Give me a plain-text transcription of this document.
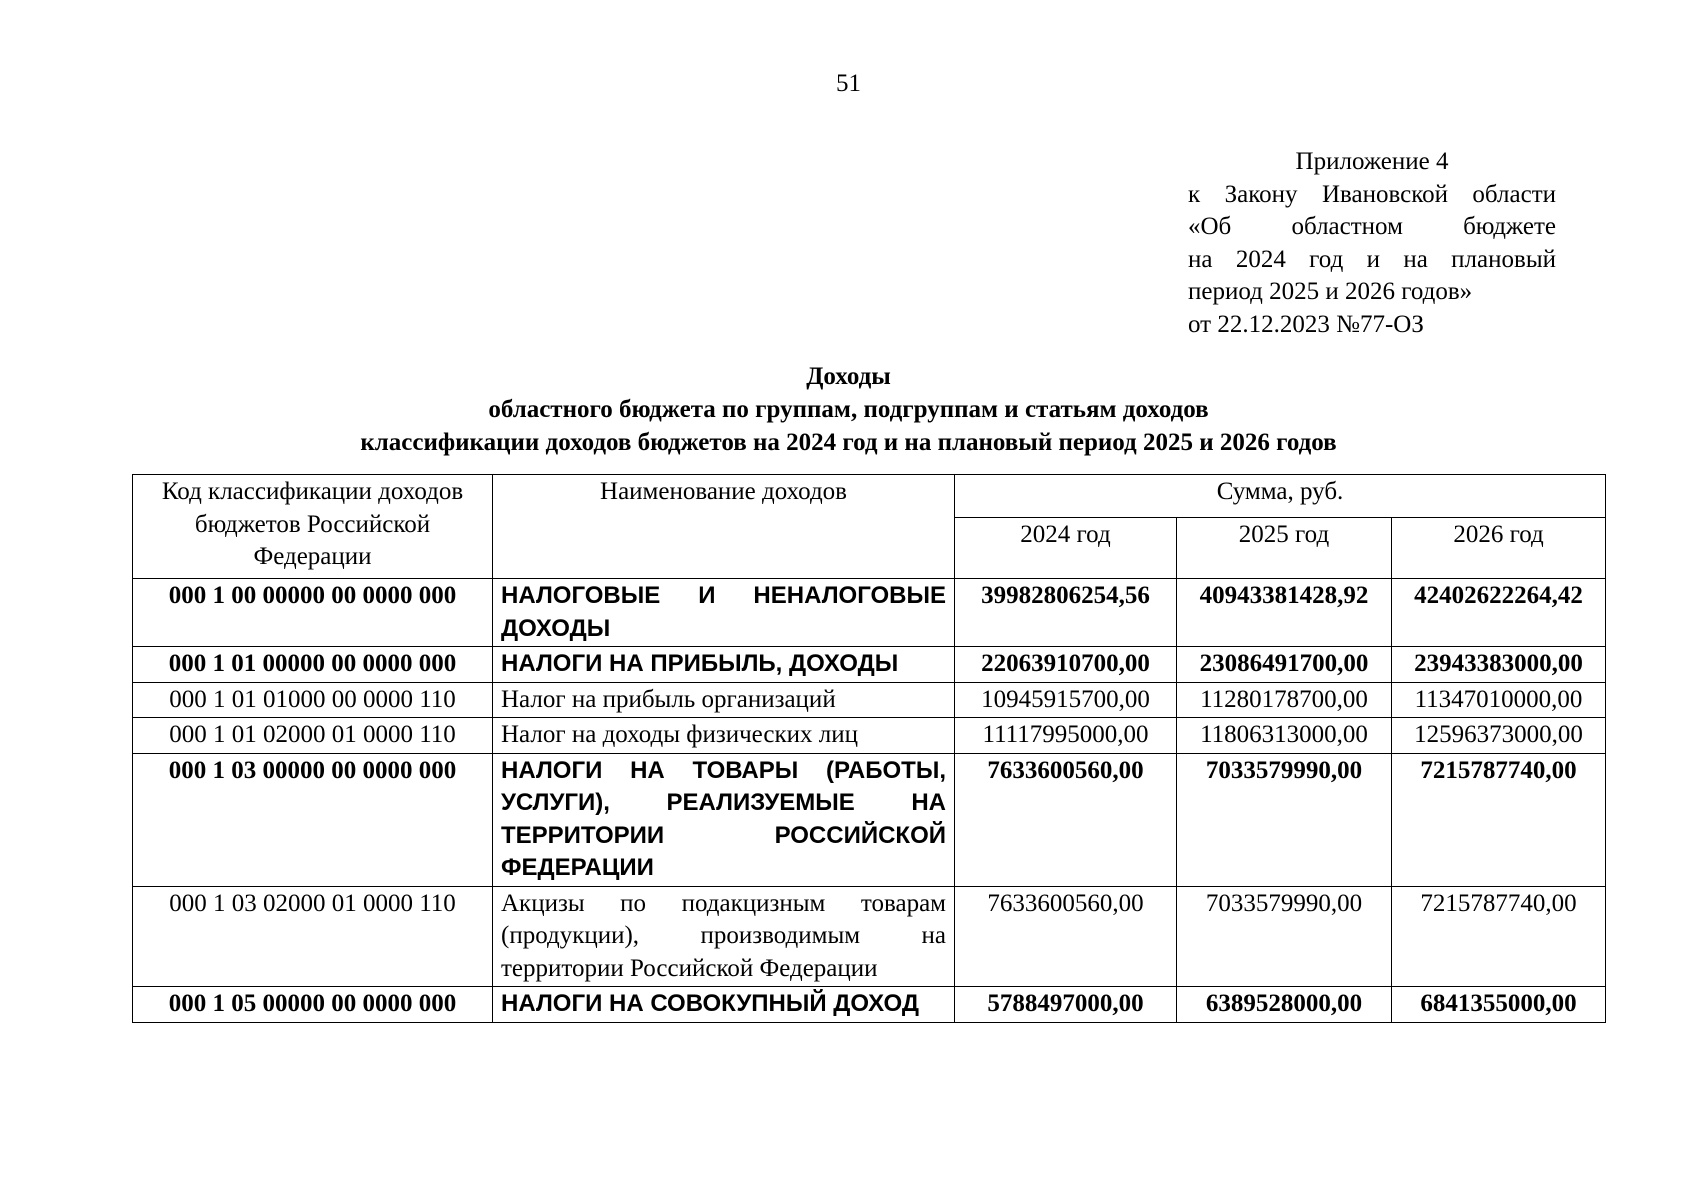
51
Приложение 4
к Закону Ивановской области
«Об областном бюджете
на 2024 год и на плановый
период 2025 и 2026 годов»
от 22.12.2023 №77-ОЗ
Доходы
областного бюджета по группам, подгруппам и статьям доходов
классификации доходов бюджетов на 2024 год и на плановый период 2025 и 2026 годов
Код классификации доходов бюджетов Российской Федерации	Наименование доходов	Сумма, руб.		
		2024 год	2025 год	2026 год
000 1 00 00000 00 0000 000	НАЛОГОВЫЕ И НЕНАЛОГОВЫЕ ДОХОДЫ	39982806254,56	40943381428,92	42402622264,42
000 1 01 00000 00 0000 000	НАЛОГИ НА ПРИБЫЛЬ, ДОХОДЫ	22063910700,00	23086491700,00	23943383000,00
000 1 01 01000 00 0000 110	Налог на прибыль организаций	10945915700,00	11280178700,00	11347010000,00
000 1 01 02000 01 0000 110	Налог на доходы физических лиц	11117995000,00	11806313000,00	12596373000,00
000 1 03 00000 00 0000 000	НАЛОГИ НА ТОВАРЫ (РАБОТЫ, УСЛУГИ), РЕАЛИЗУЕМЫЕ НА ТЕРРИТОРИИ РОССИЙСКОЙ ФЕДЕРАЦИИ	7633600560,00	7033579990,00	7215787740,00
000 1 03 02000 01 0000 110	Акцизы по подакцизным товарам (продукции), производимым на территории Российской Федерации	7633600560,00	7033579990,00	7215787740,00
000 1 05 00000 00 0000 000	НАЛОГИ НА СОВОКУПНЫЙ ДОХОД	5788497000,00	6389528000,00	6841355000,00
